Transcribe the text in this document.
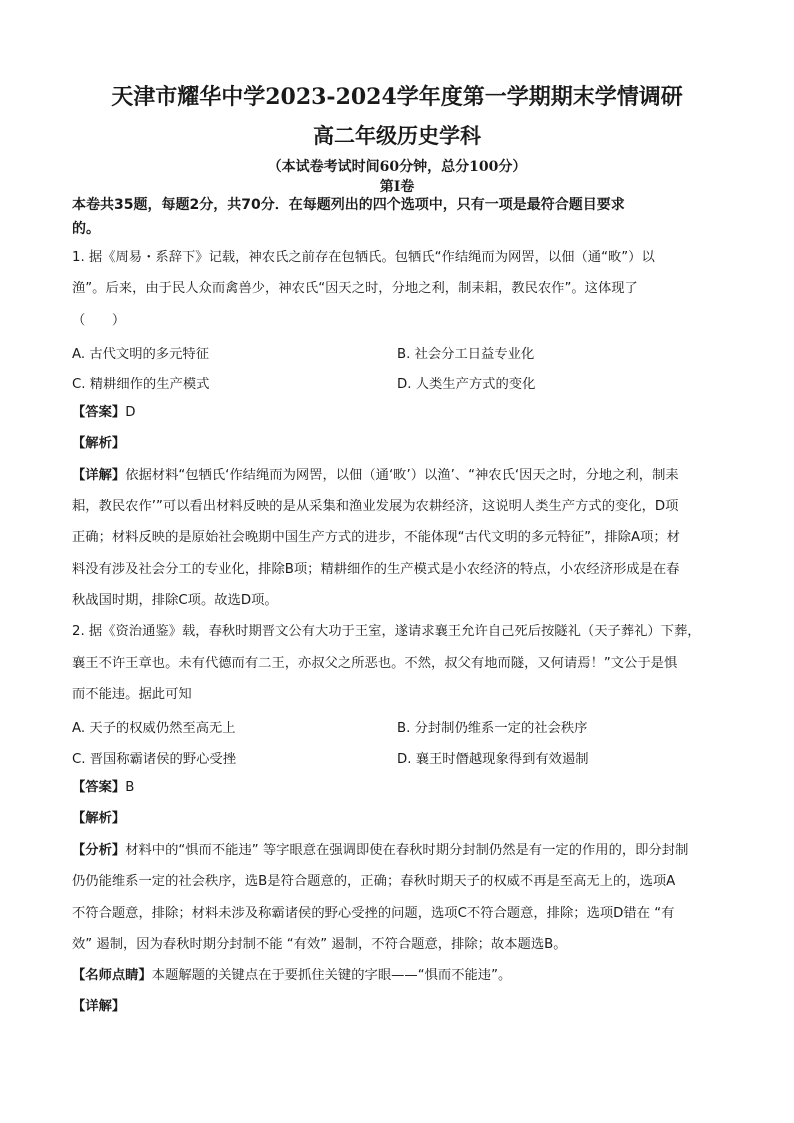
天津市耀华中学2023-2024学年度第一学期期末学情调研
高二年级历史学科
（本试卷考试时间60分钟，总分100分）
第Ⅰ卷
本卷共35题，每题2分，共70分．在每题列出的四个选项中，只有一项是最符合题目要求
的。
1. 据《周易・系辞下》记载，神农氏之前存在包牺氏。包牺氏“作结绳而为网罟，以佃（通“畋”）以
渔”。后来，由于民人众而禽兽少，神农氏“因天之时，分地之利，制耒耜，教民农作”。这体现了
（　　）
A. 古代文明的多元特征	B. 社会分工日益专业化
C. 精耕细作的生产模式	D. 人类生产方式的变化
【答案】D
【解析】
【详解】依据材料“包牺氏‘作结绳而为网罟，以佃（通‘畋’）以渔’、“神农氏‘因天之时，分地之利，制耒
耜，教民农作’”可以看出材料反映的是从采集和渔业发展为农耕经济，这说明人类生产方式的变化，D项
正确；材料反映的是原始社会晚期中国生产方式的进步，不能体现“古代文明的多元特征”，排除A项；材
料没有涉及社会分工的专业化，排除B项；精耕细作的生产模式是小农经济的特点，小农经济形成是在春
秋战国时期，排除C项。故选D项。
2. 据《资治通鉴》载，春秋时期晋文公有大功于王室，遂请求襄王允许自己死后按隧礼（天子葬礼）下葬，
襄王不许王章也。未有代德而有二王，亦叔父之所恶也。不然，叔父有地而隧，又何请焉！”文公于是惧
而不能违。据此可知
A. 天子的权威仍然至高无上	B. 分封制仍维系一定的社会秩序
C. 晋国称霸诸侯的野心受挫	D. 襄王时僭越现象得到有效遏制
【答案】B
【解析】
【分析】材料中的“惧而不能违” 等字眼意在强调即使在春秋时期分封制仍然是有一定的作用的，即分封制
仍仍能维系一定的社会秩序，选B是符合题意的，正确；春秋时期天子的权威不再是至高无上的，选项A
不符合题意，排除；材料未涉及称霸诸侯的野心受挫的问题，选项C不符合题意，排除；选项D错在 “有
效” 遏制，因为春秋时期分封制不能 “有效” 遏制，不符合题意，排除；故本题选B。
【名师点睛】本题解题的关键点在于要抓住关键的字眼——“惧而不能违”。
【详解】
